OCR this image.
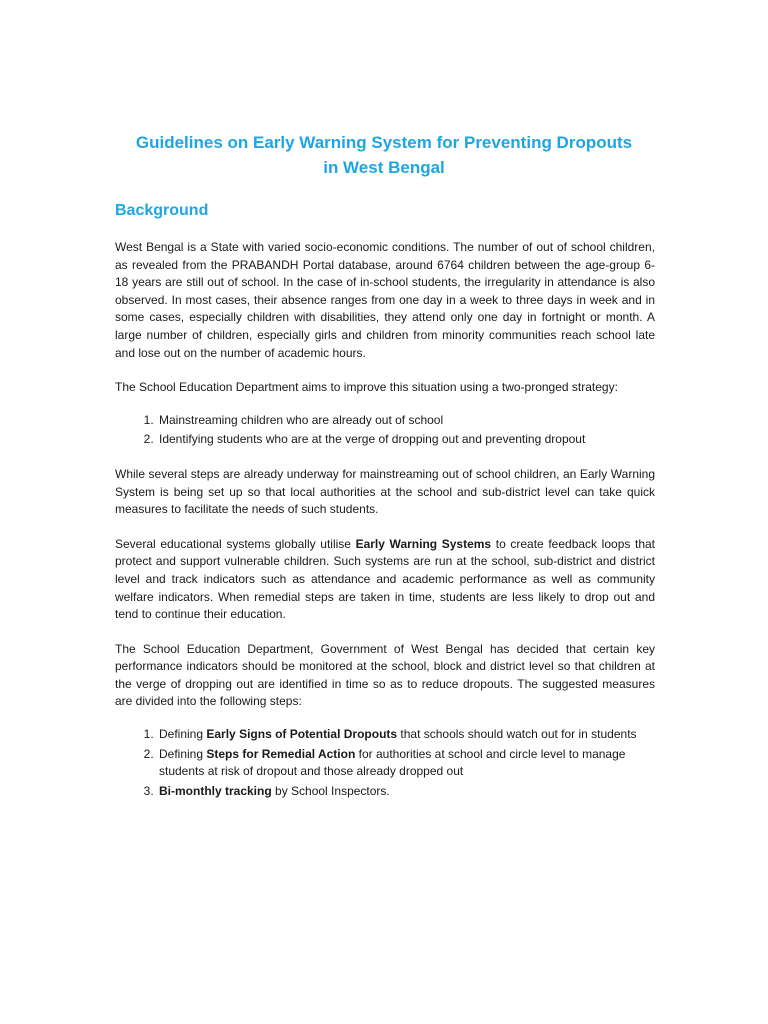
Guidelines on Early Warning System for Preventing Dropouts
in West Bengal
Background

West Bengal is a State with varied socio-economic conditions. The number of out of school children, as revealed from the PRABANDH Portal database, around 6764 children between the age-group 6-18 years are still out of school. In the case of in-school students, the irregularity in attendance is also observed. In most cases, their absence ranges from one day in a week to three days in week and in some cases, especially children with disabilities, they attend only one day in fortnight or month. A large number of children, especially girls and children from minority communities reach school late and lose out on the number of academic hours.

The School Education Department aims to improve this situation using a two-pronged strategy:

1. Mainstreaming children who are already out of school
2. Identifying students who are at the verge of dropping out and preventing dropout

While several steps are already underway for mainstreaming out of school children, an Early Warning System is being set up so that local authorities at the school and sub-district level can take quick measures to facilitate the needs of such students.

Several educational systems globally utilise Early Warning Systems to create feedback loops that protect and support vulnerable children. Such systems are run at the school, sub-district and district level and track indicators such as attendance and academic performance as well as community welfare indicators. When remedial steps are taken in time, students are less likely to drop out and tend to continue their education.

The School Education Department, Government of West Bengal has decided that certain key performance indicators should be monitored at the school, block and district level so that children at the verge of dropping out are identified in time so as to reduce dropouts. The suggested measures are divided into the following steps:

1. Defining Early Signs of Potential Dropouts that schools should watch out for in students
2. Defining Steps for Remedial Action for authorities at school and circle level to manage students at risk of dropout and those already dropped out
3. Bi-monthly tracking by School Inspectors.
